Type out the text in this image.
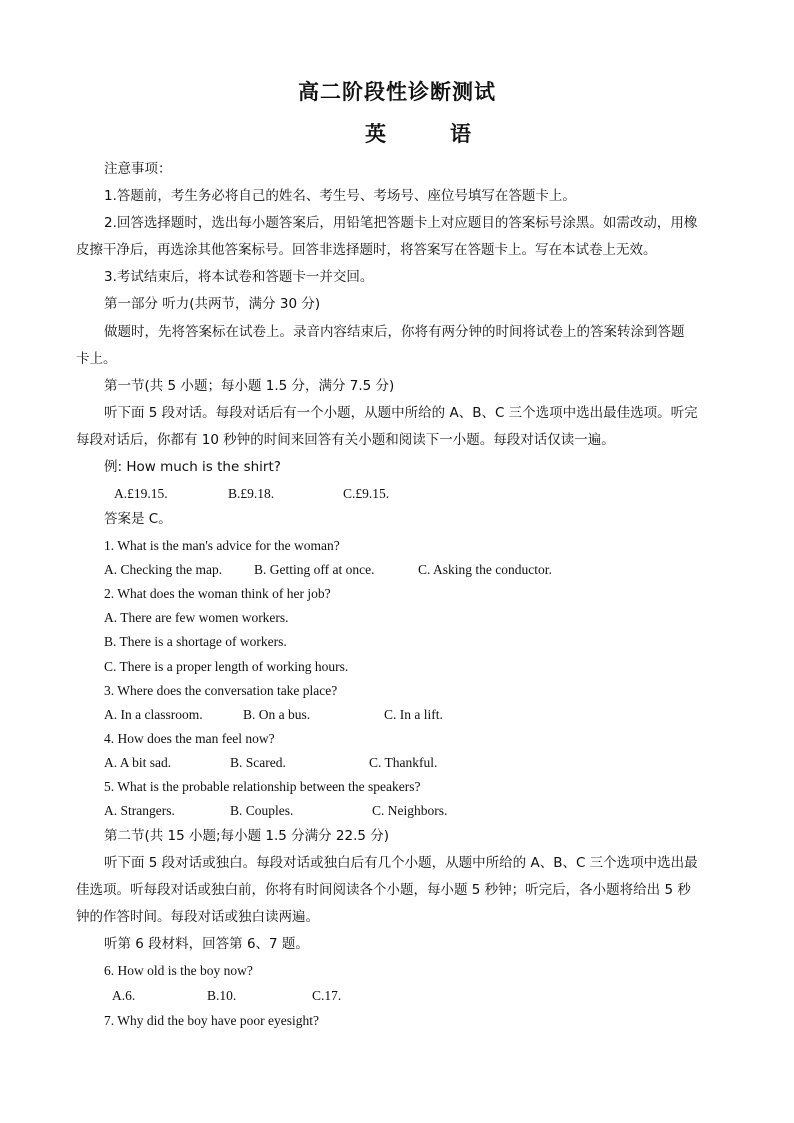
高二阶段性诊断测试
英	语
注意事项：
1.答题前，考生务必将自己的姓名、考生号、考场号、座位号填写在答题卡上。
2.回答选择题时，选出每小题答案后，用铅笔把答题卡上对应题目的答案标号涂黑。如需改动，用橡
皮擦干净后，再选涂其他答案标号。回答非选择题时，将答案写在答题卡上。写在本试卷上无效。
3.考试结束后，将本试卷和答题卡一并交回。
第一部分 听力(共两节，满分 30 分)
做题时，先将答案标在试卷上。录音内容结束后，你将有两分钟的时间将试卷上的答案转涂到答题
卡上。
第一节(共 5 小题；每小题 1.5 分，满分 7.5 分)
听下面 5 段对话。每段对话后有一个小题，从题中所给的 A、B、C 三个选项中选出最佳选项。听完
每段对话后，你都有 10 秒钟的时间来回答有关小题和阅读下一小题。每段对话仅读一遍。
例: How much is the shirt?
A.£19.15.	B.£9.18.	C.£9.15.
答案是 C。
1. What is the man's advice for the woman?
A. Checking the map. B. Getting off at once.	C. Asking the conductor.
2. What does the woman think of her job?
A. There are few women workers.
B. There is a shortage of workers.
C. There is a proper length of working hours.
3. Where does the conversation take place?
A. In a classroom.	B. On a bus.	C. In a lift.
4. How does the man feel now?
A. A bit sad.	B. Scared.	C. Thankful.
5. What is the probable relationship between the speakers?
A. Strangers.	B. Couples.	C. Neighbors.
第二节(共 15 小题;每小题 1.5 分满分 22.5 分)
听下面 5 段对话或独白。每段对话或独白后有几个小题，从题中所给的 A、B、C 三个选项中选出最
佳选项。听每段对话或独白前，你将有时间阅读各个小题，每小题 5 秒钟；听完后，各小题将给出 5 秒
钟的作答时间。每段对话或独白读两遍。
听第 6 段材料，回答第 6、7 题。
6. How old is the boy now?
A.6.	B.10.	C.17.
7. Why did the boy have poor eyesight?
